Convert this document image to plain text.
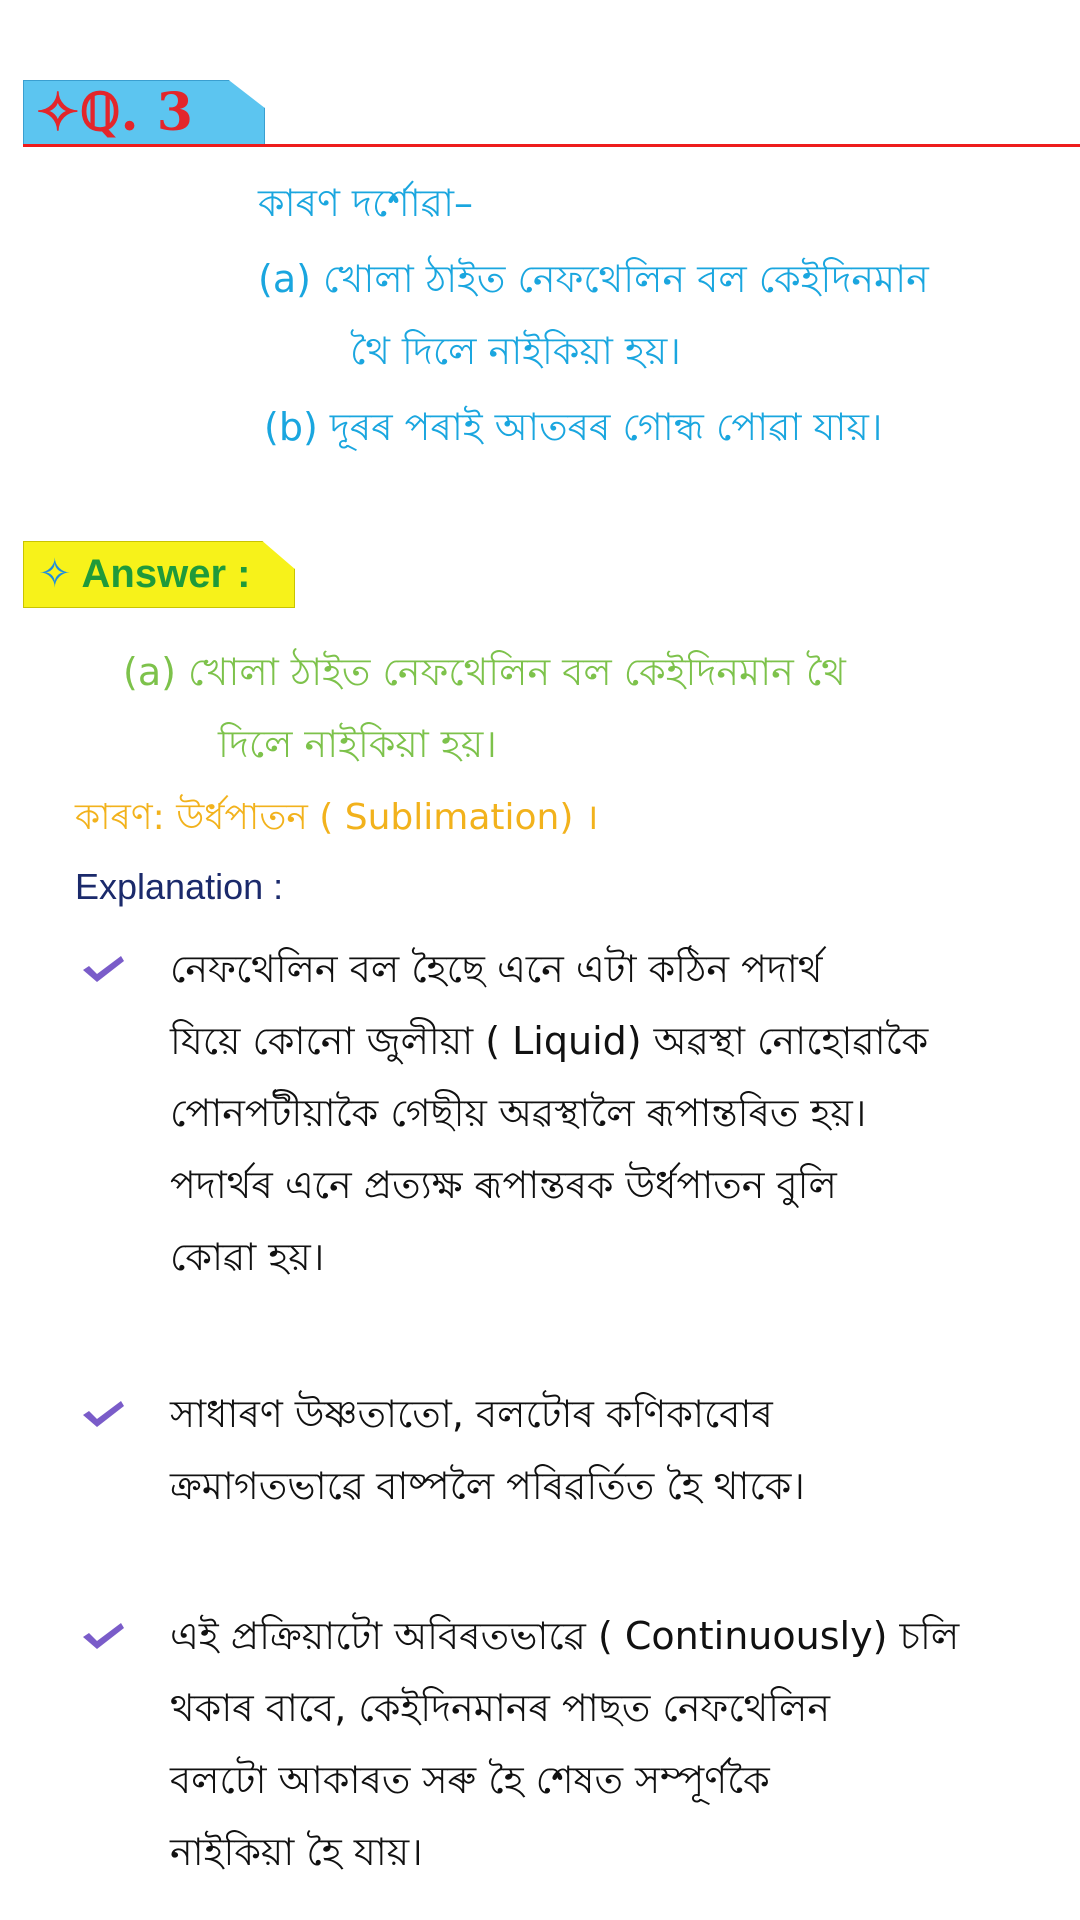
✧ℚ. 3
কাৰণ দৰ্শোৱা–
(a) খোলা ঠাইত নেফথেলিন বল কেইদিনমান
থৈ দিলে নাইকিয়া হয়।
(b) দূৰৰ পৰাই আতৰৰ গোন্ধ পোৱা যায়।
✧ Answer :
(a) খোলা ঠাইত নেফথেলিন বল কেইদিনমান থৈ
দিলে নাইকিয়া হয়।
কাৰণ: উৰ্ধপাতন ( Sublimation) ।
Explanation :
নেফথেলিন বল হৈছে এনে এটা কঠিন পদাৰ্থ
যিয়ে কোনো জুলীয়া ( Liquid) অৱস্থা নোহোৱাকৈ
পোনপটীয়াকৈ গেছীয় অৱস্থালৈ ৰূপান্তৰিত হয়।
পদাৰ্থৰ এনে প্ৰত্যক্ষ ৰূপান্তৰক উৰ্ধপাতন বুলি
কোৱা হয়।
সাধাৰণ উষ্ণতাতো, বলটোৰ কণিকাবোৰ
ক্ৰমাগতভাৱে বাষ্পলৈ পৰিৱৰ্তিত হৈ থাকে।
এই প্ৰক্ৰিয়াটো অবিৰতভাৱে ( Continuously) চলি
থকাৰ বাবে, কেইদিনমানৰ পাছত নেফথেলিন
বলটো আকাৰত সৰু হৈ শেষত সম্পূৰ্ণকৈ
নাইকিয়া হৈ যায়।
